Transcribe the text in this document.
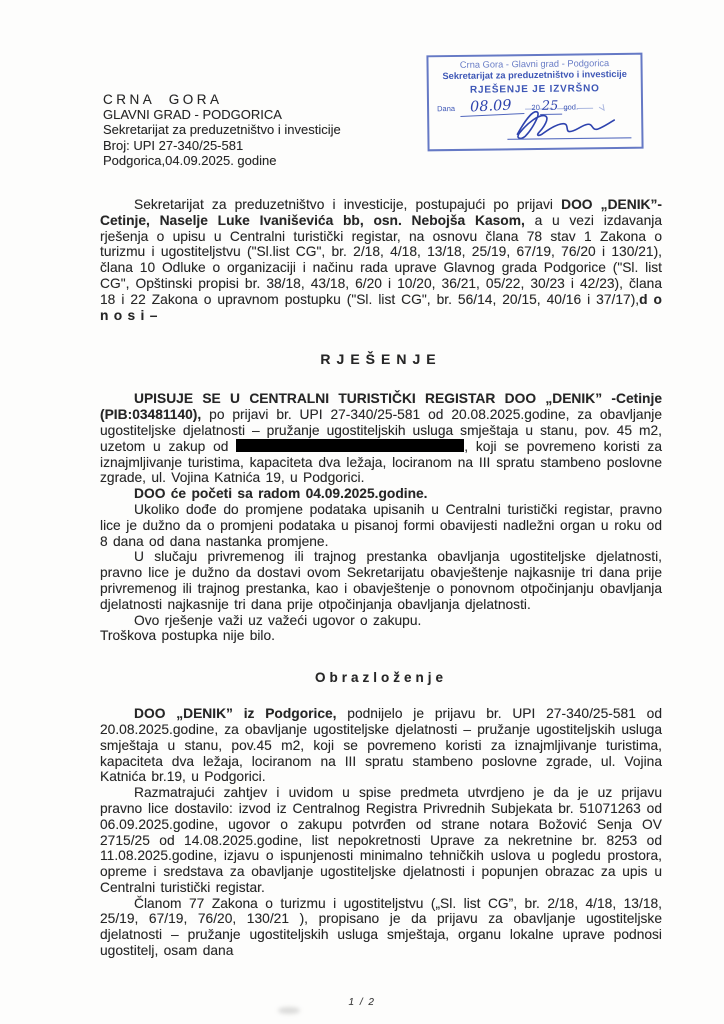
CRNA GORA
GLAVNI GRAD - PODGORICA
Sekretarijat za preduzetništvo i investicije
Broj: UPI 27-340/25-581
Podgorica,04.09.2025. godine
Crna Gora - Glavni grad - Podgorica
Sekretarijat za preduzetništvo i investicije
RJEŠENJE JE IZVRŠNO
Dana	08.09	20 25 god.

Sekretarijat za preduzetništvo i investicije, postupajući po prijavi DOO „DENIK”- Cetinje, Naselje Luke Ivaniševića bb, osn. Nebojša Kasom, a u vezi izdavanja rješenja o upisu u Centralni turistički registar, na osnovu člana 78 stav 1 Zakona o turizmu i ugostiteljstvu ("Sl.list CG", br. 2/18, 4/18, 13/18, 25/19, 67/19, 76/20 i 130/21), člana 10 Odluke o organizaciji i načinu rada uprave Glavnog grada Podgorice ("Sl. list CG", Opštinski propisi br. 38/18, 43/18, 6/20 i 10/20, 36/21, 05/22, 30/23 i 42/23), člana 18 i 22 Zakona o upravnom postupku ("Sl. list CG", br. 56/14, 20/15, 40/16 i 37/17),d o n o s i –

RJEŠENJE

UPISUJE SE U CENTRALNI TURISTIČKI REGISTAR DOO „DENIK” -Cetinje (PIB:03481140), po prijavi br. UPI 27-340/25-581 od 20.08.2025.godine, za obavljanje ugostiteljske djelatnosti – pružanje ugostiteljskih usluga smještaja u stanu, pov. 45 m2, uzetom u zakup od	, koji se povremeno koristi za iznajmljivanje turistima, kapaciteta dva ležaja, lociranom na III spratu stambeno poslovne zgrade, ul. Vojina Katnića 19, u Podgorici.

DOO će početi sa radom 04.09.2025.godine.

Ukoliko dođe do promjene podataka upisanih u Centralni turistički registar, pravno lice je dužno da o promjeni podataka u pisanoj formi obavijesti nadležni organ u roku od 8 dana od dana nastanka promjene.

U slučaju privremenog ili trajnog prestanka obavljanja ugostiteljske djelatnosti, pravno lice je dužno da dostavi ovom Sekretarijatu obavještenje najkasnije tri dana prije privremenog ili trajnog prestanka, kao i obavještenje o ponovnom otpočinjanju obavljanja djelatnosti najkasnije tri dana prije otpočinjanja obavljanja djelatnosti.

Ovo rješenje važi uz važeći ugovor o zakupu.

Troškova postupka nije bilo.

Obrazloženje

DOO „DENIK” iz Podgorice, podnijelo je prijavu br. UPI 27-340/25-581 od 20.08.2025.godine, za obavljanje ugostiteljske djelatnosti – pružanje ugostiteljskih usluga smještaja u stanu, pov.45 m2, koji se povremeno koristi za iznajmljivanje turistima, kapaciteta dva ležaja, lociranom na III spratu stambeno poslovne zgrade, ul. Vojina Katnića br.19, u Podgorici.

Razmatrajući zahtjev i uvidom u spise predmeta utvrdjeno je da je uz prijavu pravno lice dostavilo: izvod iz Centralnog Registra Privrednih Subjekata br. 51071263 od 06.09.2025.godine, ugovor o zakupu potvrđen od strane notara Božović Senja OV 2715/25 od 14.08.2025.godine, list nepokretnosti Uprave za nekretnine br. 8253 od 11.08.2025.godine, izjavu o ispunjenosti minimalno tehničkih uslova u pogledu prostora, opreme i sredstava za obavljanje ugostiteljske djelatnosti i popunjen obrazac za upis u Centralni turistički registar.

Članom 77 Zakona o turizmu i ugostiteljstvu („Sl. list CG”, br. 2/18, 4/18, 13/18, 25/19, 67/19, 76/20, 130/21 ), propisano je da prijavu za obavljanje ugostiteljske djelatnosti – pružanje ugostiteljskih usluga smještaja, organu lokalne uprave podnosi ugostitelj, osam dana

1 / 2
